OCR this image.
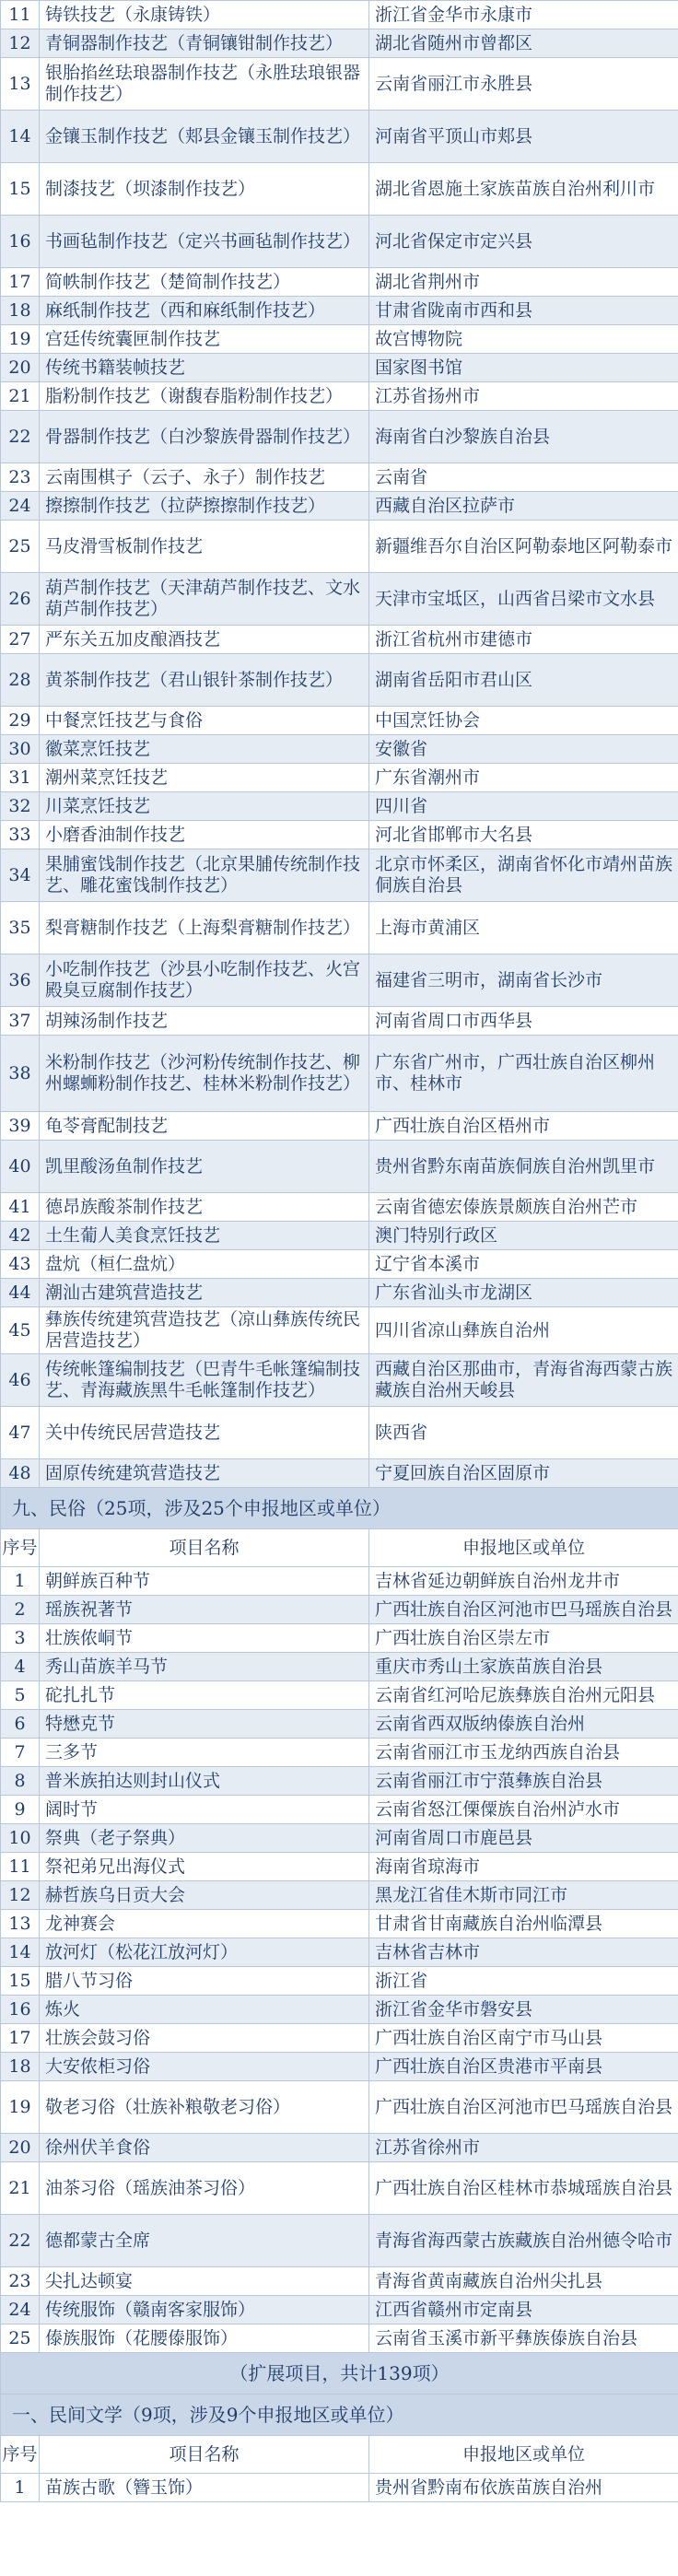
11	铸铁技艺（永康铸铁）	浙江省金华市永康市
12	青铜器制作技艺（青铜镶钳制作技艺）	湖北省随州市曾都区
13	银胎掐丝珐琅器制作技艺（永胜珐琅银器制作技艺）	云南省丽江市永胜县
14	金镶玉制作技艺（郏县金镶玉制作技艺）	河南省平顶山市郏县
15	制漆技艺（坝漆制作技艺）	湖北省恩施土家族苗族自治州利川市
16	书画毡制作技艺（定兴书画毡制作技艺）	河北省保定市定兴县
17	简帙制作技艺（楚简制作技艺）	湖北省荆州市
18	麻纸制作技艺（西和麻纸制作技艺）	甘肃省陇南市西和县
19	宫廷传统囊匣制作技艺	故宫博物院
20	传统书籍装帧技艺	国家图书馆
21	脂粉制作技艺（谢馥春脂粉制作技艺）	江苏省扬州市
22	骨器制作技艺（白沙黎族骨器制作技艺）	海南省白沙黎族自治县
23	云南围棋子（云子、永子）制作技艺	云南省
24	擦擦制作技艺（拉萨擦擦制作技艺）	西藏自治区拉萨市
25	马皮滑雪板制作技艺	新疆维吾尔自治区阿勒泰地区阿勒泰市
26	葫芦制作技艺（天津葫芦制作技艺、文水葫芦制作技艺）	天津市宝坻区，山西省吕梁市文水县
27	严东关五加皮酿酒技艺	浙江省杭州市建德市
28	黄茶制作技艺（君山银针茶制作技艺）	湖南省岳阳市君山区
29	中餐烹饪技艺与食俗	中国烹饪协会
30	徽菜烹饪技艺	安徽省
31	潮州菜烹饪技艺	广东省潮州市
32	川菜烹饪技艺	四川省
33	小磨香油制作技艺	河北省邯郸市大名县
34	果脯蜜饯制作技艺（北京果脯传统制作技艺、雕花蜜饯制作技艺）	北京市怀柔区，湖南省怀化市靖州苗族侗族自治县
35	梨膏糖制作技艺（上海梨膏糖制作技艺）	上海市黄浦区
36	小吃制作技艺（沙县小吃制作技艺、火宫殿臭豆腐制作技艺）	福建省三明市，湖南省长沙市
37	胡辣汤制作技艺	河南省周口市西华县
38	米粉制作技艺（沙河粉传统制作技艺、柳州螺蛳粉制作技艺、桂林米粉制作技艺）	广东省广州市，广西壮族自治区柳州市、桂林市
39	龟苓膏配制技艺	广西壮族自治区梧州市
40	凯里酸汤鱼制作技艺	贵州省黔东南苗族侗族自治州凯里市
41	德昂族酸茶制作技艺	云南省德宏傣族景颇族自治州芒市
42	土生葡人美食烹饪技艺	澳门特别行政区
43	盘炕（桓仁盘炕）	辽宁省本溪市
44	潮汕古建筑营造技艺	广东省汕头市龙湖区
45	彝族传统建筑营造技艺（凉山彝族传统民居营造技艺）	四川省凉山彝族自治州
46	传统帐篷编制技艺（巴青牛毛帐篷编制技艺、青海藏族黑牛毛帐篷制作技艺）	西藏自治区那曲市，青海省海西蒙古族藏族自治州天峻县
47	关中传统民居营造技艺	陕西省
48	固原传统建筑营造技艺	宁夏回族自治区固原市
九、民俗（25项，涉及25个申报地区或单位）		
序号	项目名称	申报地区或单位
1	朝鲜族百种节	吉林省延边朝鲜族自治州龙井市
2	瑶族祝著节	广西壮族自治区河池市巴马瑶族自治县
3	壮族侬峒节	广西壮族自治区崇左市
4	秀山苗族羊马节	重庆市秀山土家族苗族自治县
5	砣扎扎节	云南省红河哈尼族彝族自治州元阳县
6	特懋克节	云南省西双版纳傣族自治州
7	三多节	云南省丽江市玉龙纳西族自治县
8	普米族拍达则封山仪式	云南省丽江市宁蒗彝族自治县
9	阔时节	云南省怒江傈僳族自治州泸水市
10	祭典（老子祭典）	河南省周口市鹿邑县
11	祭祀弟兄出海仪式	海南省琼海市
12	赫哲族乌日贡大会	黑龙江省佳木斯市同江市
13	龙神赛会	甘肃省甘南藏族自治州临潭县
14	放河灯（松花江放河灯）	吉林省吉林市
15	腊八节习俗	浙江省
16	炼火	浙江省金华市磐安县
17	壮族会鼓习俗	广西壮族自治区南宁市马山县
18	大安侬柜习俗	广西壮族自治区贵港市平南县
19	敬老习俗（壮族补粮敬老习俗）	广西壮族自治区河池市巴马瑶族自治县
20	徐州伏羊食俗	江苏省徐州市
21	油茶习俗（瑶族油茶习俗）	广西壮族自治区桂林市恭城瑶族自治县
22	德都蒙古全席	青海省海西蒙古族藏族自治州德令哈市
23	尖扎达顿宴	青海省黄南藏族自治州尖扎县
24	传统服饰（赣南客家服饰）	江西省赣州市定南县
25	傣族服饰（花腰傣服饰）	云南省玉溪市新平彝族傣族自治县
（扩展项目，共计139项）		
一、民间文学（9项，涉及9个申报地区或单位）		
序号	项目名称	申报地区或单位
1	苗族古歌（簪玉饰）	贵州省黔南布依族苗族自治州
